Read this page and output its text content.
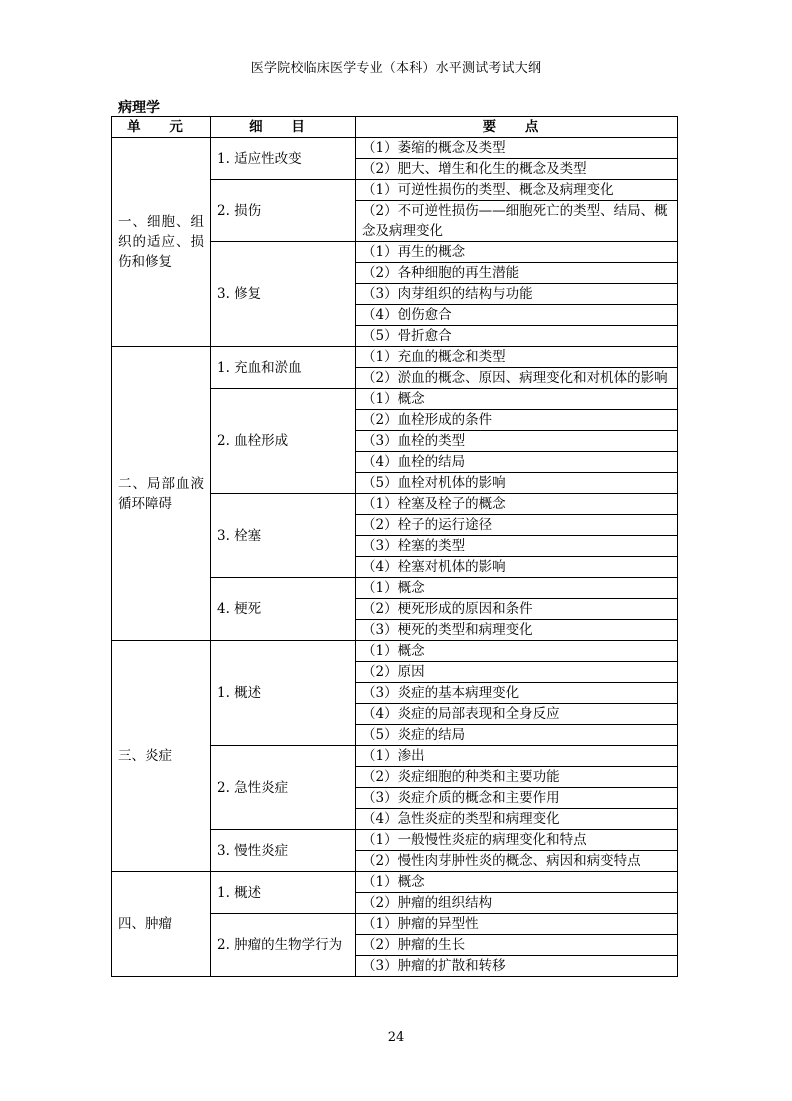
医学院校临床医学专业（本科）水平测试考试大纲
病理学
单 元	细 目	要 点

一、细胞、组织的适应、损伤和修复	1. 适应性改变	（1）萎缩的概念及类型
		（2）肥大、增生和化生的概念及类型
	2. 损伤	（1）可逆性损伤的类型、概念及病理变化
		（2）不可逆性损伤——细胞死亡的类型、结局、概念及病理变化
	3. 修复	（1）再生的概念
		（2）各种细胞的再生潜能
		（3）肉芽组织的结构与功能
		（4）创伤愈合
		（5）骨折愈合

二、局部血液循环障碍	1. 充血和淤血	（1）充血的概念和类型
		（2）淤血的概念、原因、病理变化和对机体的影响
	2. 血栓形成	（1）概念
		（2）血栓形成的条件
		（3）血栓的类型
		（4）血栓的结局
		（5）血栓对机体的影响
	3. 栓塞	（1）栓塞及栓子的概念
		（2）栓子的运行途径
		（3）栓塞的类型
		（4）栓塞对机体的影响
	4. 梗死	（1）概念
		（2）梗死形成的原因和条件
		（3）梗死的类型和病理变化

三、炎症	1. 概述	（1）概念
		（2）原因
		（3）炎症的基本病理变化
		（4）炎症的局部表现和全身反应
		（5）炎症的结局
	2. 急性炎症	（1）渗出
		（2）炎症细胞的种类和主要功能
		（3）炎症介质的概念和主要作用
		（4）急性炎症的类型和病理变化
	3. 慢性炎症	（1）一般慢性炎症的病理变化和特点
		（2）慢性肉芽肿性炎的概念、病因和病变特点

四、肿瘤	1. 概述	（1）概念
		（2）肿瘤的组织结构
	2. 肿瘤的生物学行为	（1）肿瘤的异型性
		（2）肿瘤的生长
		（3）肿瘤的扩散和转移
24
